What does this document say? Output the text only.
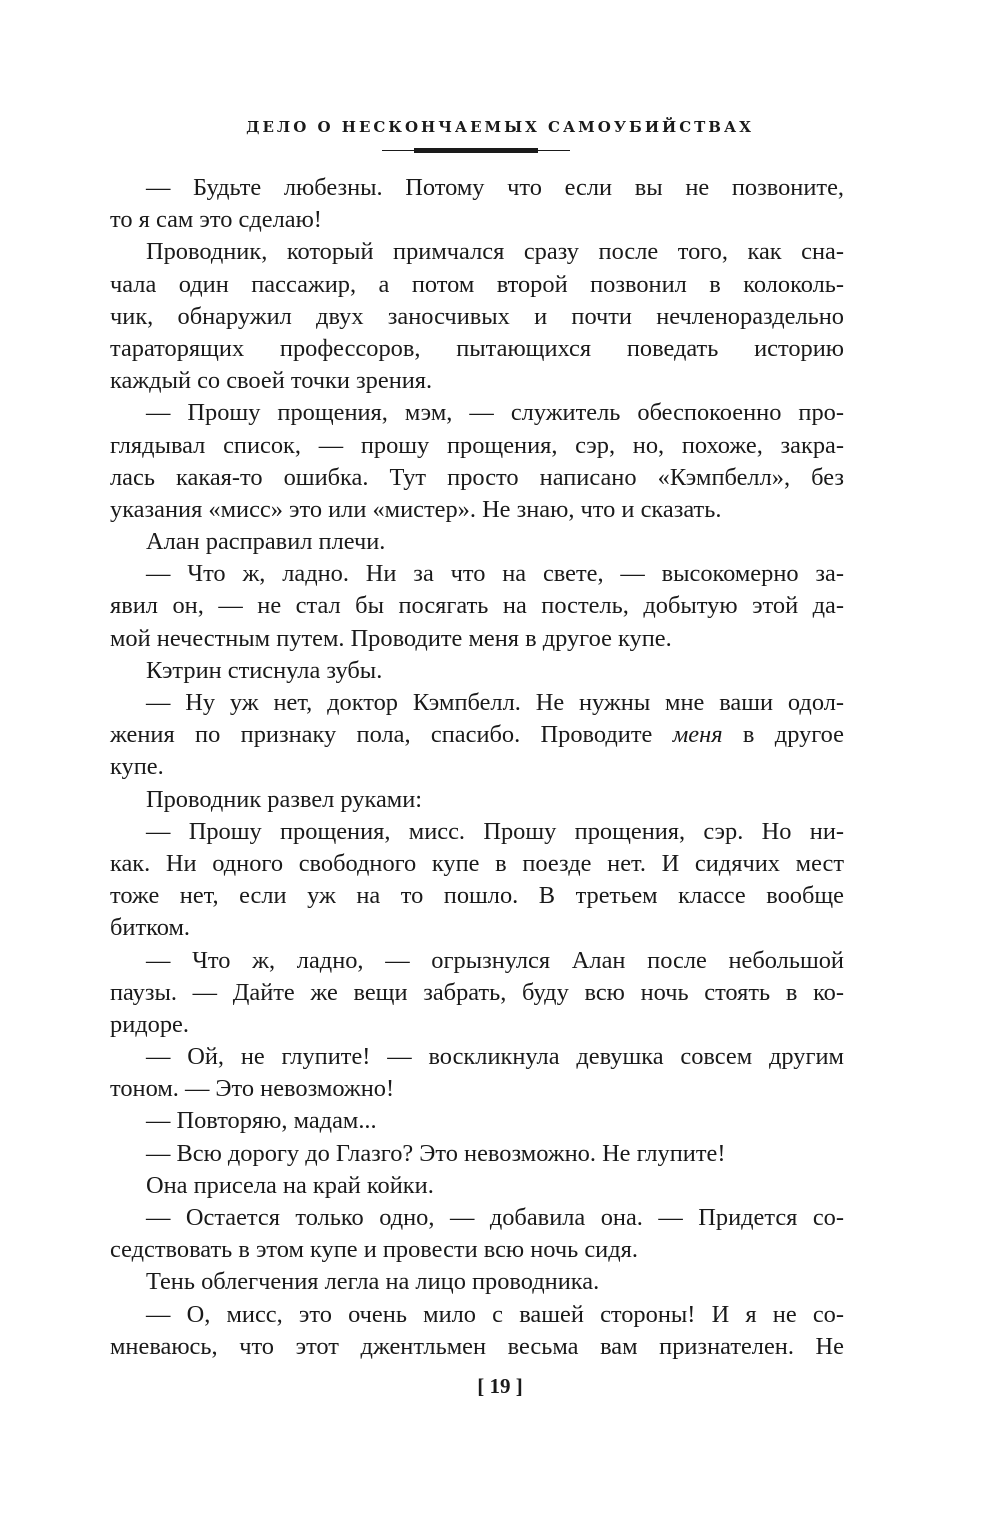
ДЕЛО О НЕСКОНЧАЕМЫХ САМОУБИЙСТВАХ
— Будьте любезны. Потому что если вы не позвоните,
то я сам это сделаю!
Проводник, который примчался сразу после того, как сна-
чала один пассажир, а потом второй позвонил в колоколь-
чик, обнаружил двух заносчивых и почти нечленораздельно
тараторящих профессоров, пытающихся поведать историю
каждый со своей точки зрения.
— Прошу прощения, мэм, — служитель обеспокоенно про-
глядывал список, — прошу прощения, сэр, но, похоже, закра-
лась какая-то ошибка. Тут просто написано «Кэмпбелл», без
указания «мисс» это или «мистер». Не знаю, что и сказать.
Алан расправил плечи.
— Что ж, ладно. Ни за что на свете, — высокомерно за-
явил он, — не стал бы посягать на постель, добытую этой да-
мой нечестным путем. Проводите меня в другое купе.
Кэтрин стиснула зубы.
— Ну уж нет, доктор Кэмпбелл. Не нужны мне ваши одол-
жения по признаку пола, спасибо. Проводите меня в другое
купе.
Проводник развел руками:
— Прошу прощения, мисс. Прошу прощения, сэр. Но ни-
как. Ни одного свободного купе в поезде нет. И сидячих мест
тоже нет, если уж на то пошло. В третьем классе вообще
битком.
— Что ж, ладно, — огрызнулся Алан после небольшой
паузы. — Дайте же вещи забрать, буду всю ночь стоять в ко-
ридоре.
— Ой, не глупите! — воскликнула девушка совсем другим
тоном. — Это невозможно!
— Повторяю, мадам...
— Всю дорогу до Глазго? Это невозможно. Не глупите!
Она присела на край койки.
— Остается только одно, — добавила она. — Придется со-
седствовать в этом купе и провести всю ночь сидя.
Тень облегчения легла на лицо проводника.
— О, мисс, это очень мило с вашей стороны! И я не со-
мневаюсь, что этот джентльмен весьма вам признателен. Не
[ 19 ]
